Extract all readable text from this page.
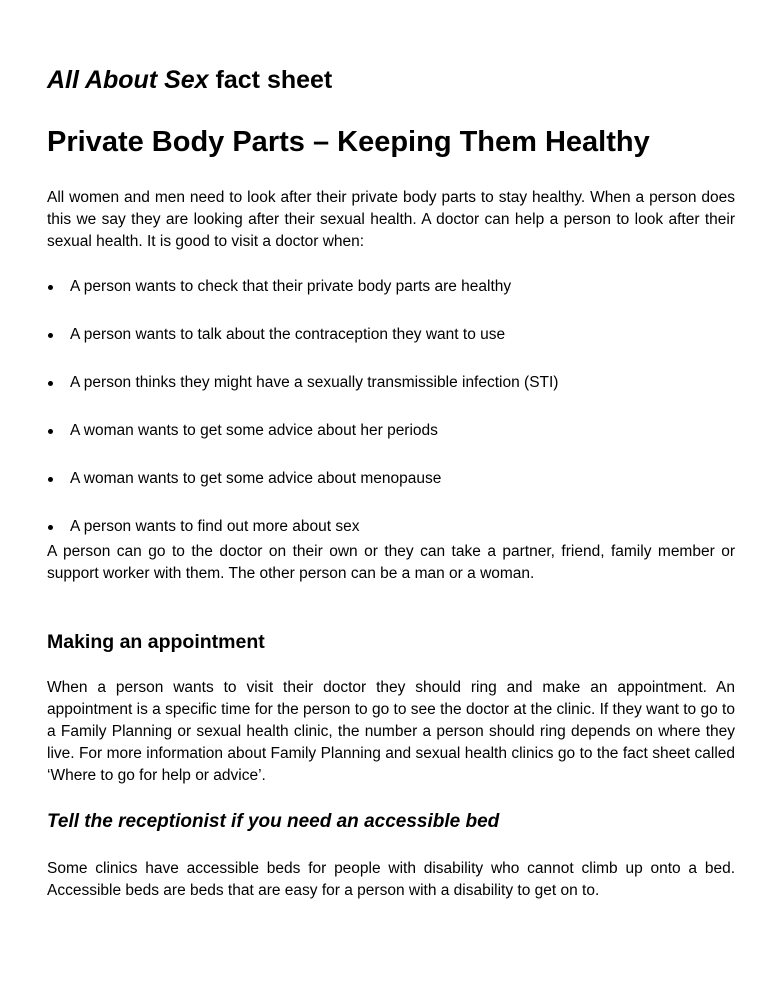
All About Sex fact sheet
Private Body Parts – Keeping Them Healthy

All women and men need to look after their private body parts to stay healthy. When a person does this we say they are looking after their sexual health. A doctor can help a person to look after their sexual health. It is good to visit a doctor when:

A person wants to check that their private body parts are healthy
A person wants to talk about the contraception they want to use
A person thinks they might have a sexually transmissible infection (STI)
A woman wants to get some advice about her periods
A woman wants to get some advice about menopause
A person wants to find out more about sex

A person can go to the doctor on their own or they can take a partner, friend, family member or support worker with them. The other person can be a man or a woman.

Making an appointment

When a person wants to visit their doctor they should ring and make an appointment. An appointment is a specific time for the person to go to see the doctor at the clinic. If they want to go to a Family Planning or sexual health clinic, the number a person should ring depends on where they live. For more information about Family Planning and sexual health clinics go to the fact sheet called ‘Where to go for help or advice’.

Tell the receptionist if you need an accessible bed

Some clinics have accessible beds for people with disability who cannot climb up onto a bed. Accessible beds are beds that are easy for a person with a disability to get on to.
